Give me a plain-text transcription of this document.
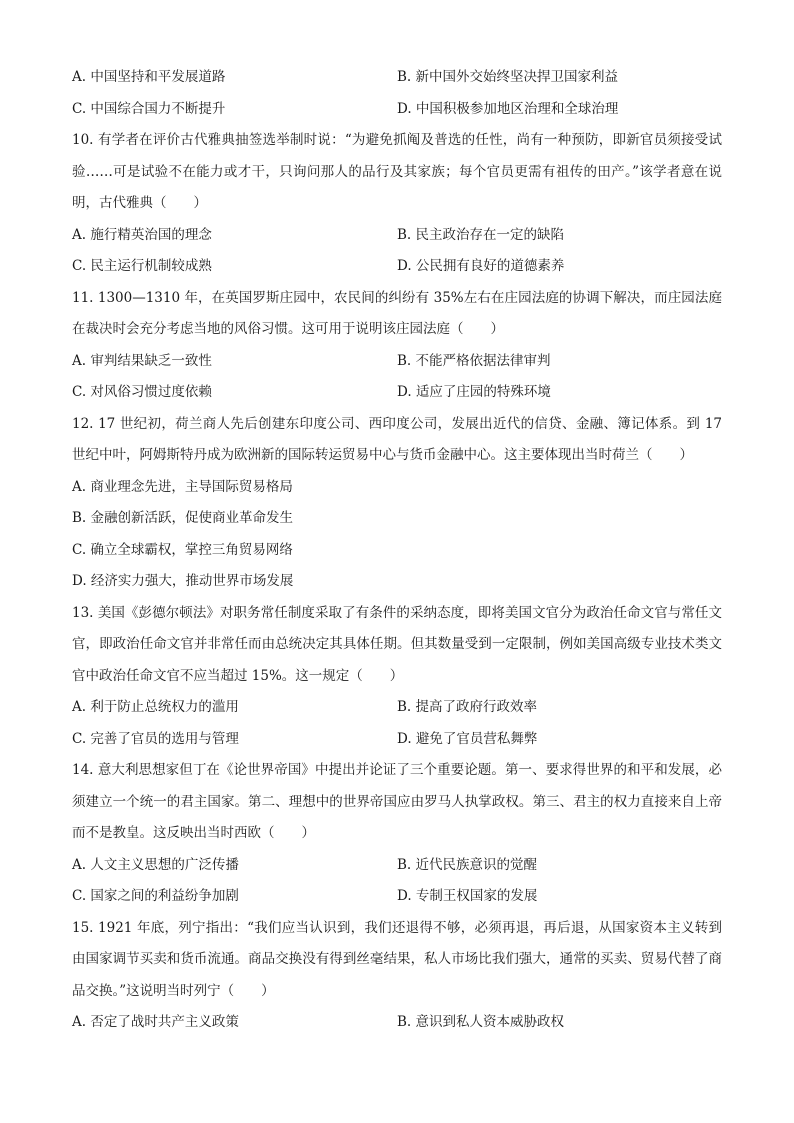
A. 中国坚持和平发展道路	B. 新中国外交始终坚决捍卫国家利益
C. 中国综合国力不断提升	D. 中国积极参加地区治理和全球治理
10. 有学者在评价古代雅典抽签选举制时说：“为避免抓阄及普选的任性，尚有一种预防，即新官员须接受试验……可是试验不在能力或才干，只询问那人的品行及其家族；每个官员更需有祖传的田产。”该学者意在说明，古代雅典（　　）
A. 施行精英治国的理念	B. 民主政治存在一定的缺陷
C. 民主运行机制较成熟	D. 公民拥有良好的道德素养
11. 1300—1310 年，在英国罗斯庄园中，农民间的纠纷有 35%左右在庄园法庭的协调下解决，而庄园法庭在裁决时会充分考虑当地的风俗习惯。这可用于说明该庄园法庭（　　）
A. 审判结果缺乏一致性	B. 不能严格依据法律审判
C. 对风俗习惯过度依赖	D. 适应了庄园的特殊环境
12. 17 世纪初，荷兰商人先后创建东印度公司、西印度公司，发展出近代的信贷、金融、簿记体系。到 17 世纪中叶，阿姆斯特丹成为欧洲新的国际转运贸易中心与货币金融中心。这主要体现出当时荷兰（　　）
A. 商业理念先进，主导国际贸易格局
B. 金融创新活跃，促使商业革命发生
C. 确立全球霸权，掌控三角贸易网络
D. 经济实力强大，推动世界市场发展
13. 美国《彭德尔顿法》对职务常任制度采取了有条件的采纳态度，即将美国文官分为政治任命文官与常任文官，即政治任命文官并非常任而由总统决定其具体任期。但其数量受到一定限制，例如美国高级专业技术类文官中政治任命文官不应当超过 15%。这一规定（　　）
A. 利于防止总统权力的滥用	B. 提高了政府行政效率
C. 完善了官员的选用与管理	D. 避免了官员营私舞弊
14. 意大利思想家但丁在《论世界帝国》中提出并论证了三个重要论题。第一、要求得世界的和平和发展，必须建立一个统一的君主国家。第二、理想中的世界帝国应由罗马人执掌政权。第三、君主的权力直接来自上帝而不是教皇。这反映出当时西欧（　　）
A. 人文主义思想的广泛传播	B. 近代民族意识的觉醒
C. 国家之间的利益纷争加剧	D. 专制王权国家的发展
15. 1921 年底，列宁指出：“我们应当认识到，我们还退得不够，必须再退，再后退，从国家资本主义转到由国家调节买卖和货币流通。商品交换没有得到丝毫结果，私人市场比我们强大，通常的买卖、贸易代替了商品交换。”这说明当时列宁（　　）
A. 否定了战时共产主义政策	B. 意识到私人资本威胁政权
